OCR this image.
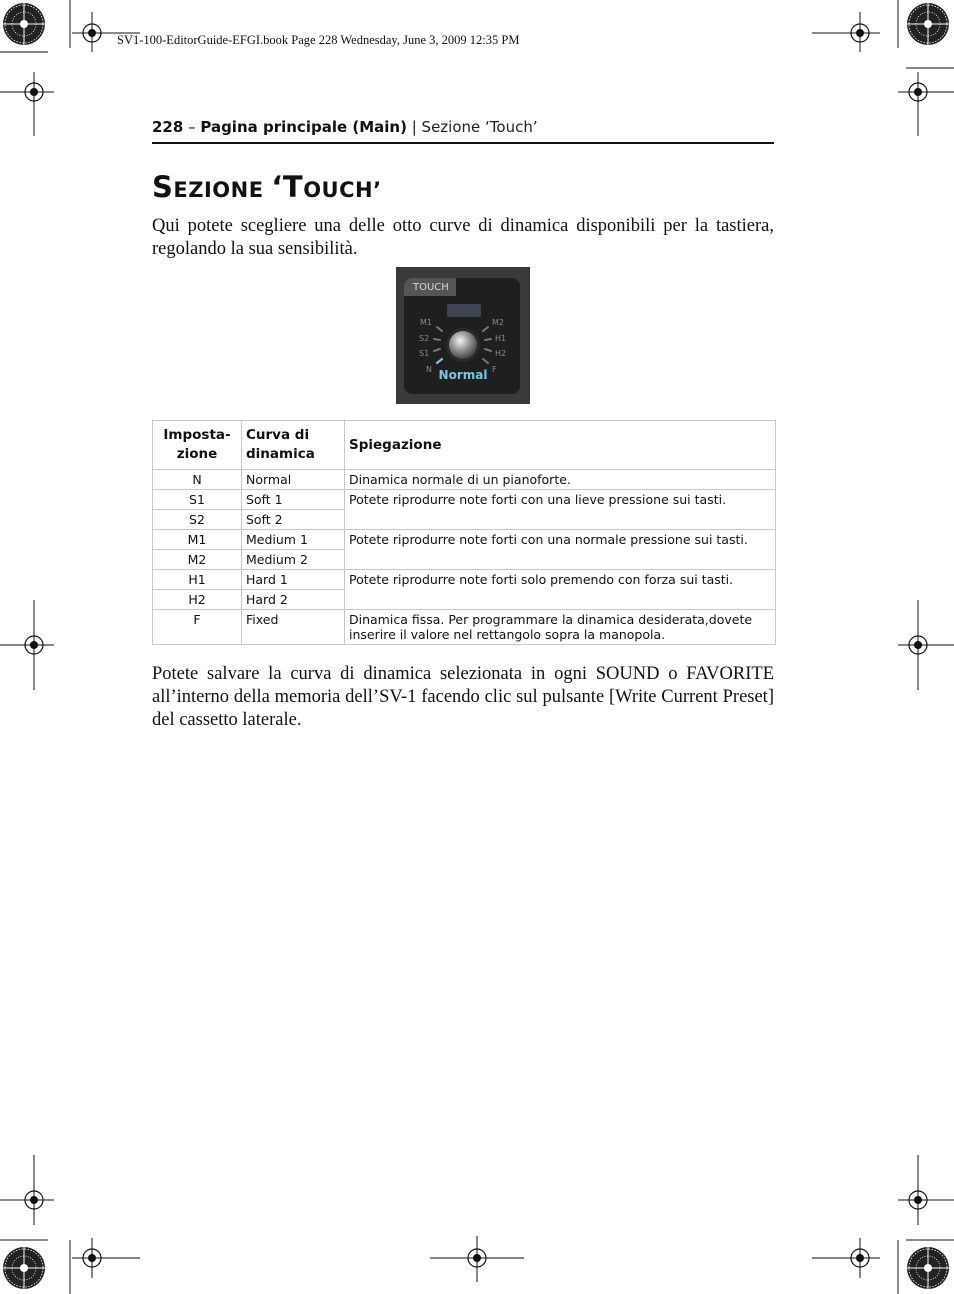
SV1-100-EditorGuide-EFGI.book Page 228 Wednesday, June 3, 2009 12:35 PM
228 – Pagina principale (Main) | Sezione ‘Touch’
SEZIONE ‘TOUCH’
Qui potete scegliere una delle otto curve di dinamica disponibili per la tastiera, regolando la sua sensibilità.
TOUCH
M1
S2
S1
N
M2
H1
H2
F
Normal
Imposta-zione	Curva di dinamica	Spiegazione
N	Normal	Dinamica normale di un pianoforte.
S1	Soft 1	Potete riprodurre note forti con una lieve pressione sui tasti.
S2	Soft 2	
M1	Medium 1	Potete riprodurre note forti con una normale pressione sui tasti.
M2	Medium 2	
H1	Hard 1	Potete riprodurre note forti solo premendo con forza sui tasti.
H2	Hard 2	
F	Fixed	Dinamica fissa. Per programmare la dinamica desiderata,dovete inserire il valore nel rettangolo sopra la manopola.
Potete salvare la curva di dinamica selezionata in ogni SOUND o FAVORITE all’interno della memoria dell’SV-1 facendo clic sul pulsante [Write Current Preset] del cassetto laterale.
